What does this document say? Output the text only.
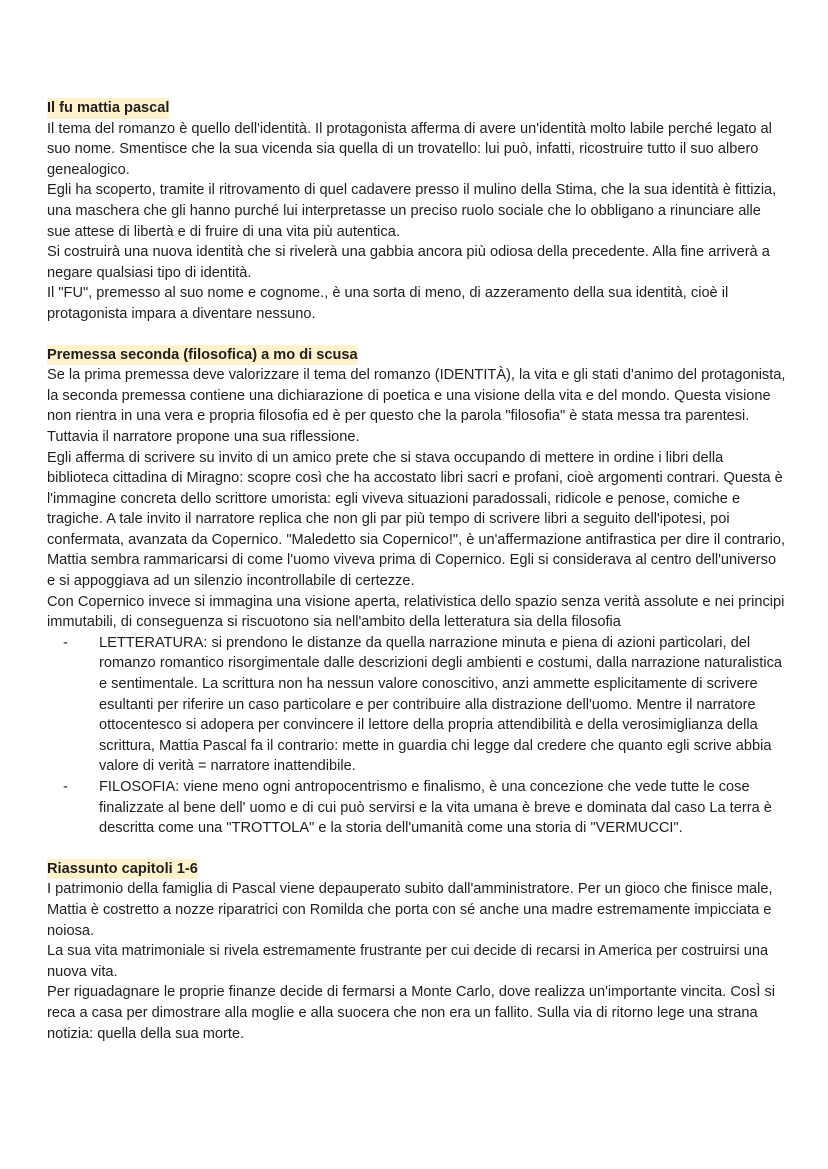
Il fu mattia pascal

Il tema del romanzo è quello dell'identità. Il protagonista afferma di avere un'identità molto labile perché legato al suo nome. Smentisce che la sua vicenda sia quella di un trovatello: lui può, infatti, ricostruire tutto il suo albero genealogico.

Egli ha scoperto, tramite il ritrovamento di quel cadavere presso il mulino della Stima, che la sua identità è fittizia, una maschera che gli hanno purché lui interpretasse un preciso ruolo sociale che lo obbligano a rinunciare alle sue attese di libertà e di fruire di una vita più autentica.

Si costruirà una nuova identità che si rivelerà una gabbia ancora più odiosa della precedente. Alla fine arriverà a negare qualsiasi tipo di identità.

Il "FU", premesso al suo nome e cognome., è una sorta di meno, di azzeramento della sua identità, cioè il protagonista impara a diventare nessuno.

Premessa seconda (filosofica) a mo di scusa

Se la prima premessa deve valorizzare il tema del romanzo (IDENTITÀ), la vita e gli stati d'animo del protagonista, la seconda premessa contiene una dichiarazione di poetica e una visione della vita e del mondo. Questa visione non rientra in una vera e propria filosofia ed è per questo che la parola "filosofia" è stata messa tra parentesi. Tuttavia il narratore propone una sua riflessione.

Egli afferma di scrivere su invito di un amico prete che si stava occupando di mettere in ordine i libri della biblioteca cittadina di Miragno: scopre così che ha accostato libri sacri e profani, cioè argomenti contrari. Questa è l'immagine concreta dello scrittore umorista: egli viveva situazioni paradossali, ridicole e penose, comiche e tragiche. A tale invito il narratore replica che non gli par più tempo di scrivere libri a seguito dell'ipotesi, poi confermata, avanzata da Copernico. "Maledetto sia Copernico!", è un'affermazione antifrastica per dire il contrario, Mattia sembra rammaricarsi di come l'uomo viveva prima di Copernico. Egli si considerava al centro dell'universo e si appoggiava ad un silenzio incontrollabile di certezze.

Con Copernico invece si immagina una visione aperta, relativistica dello spazio senza verità assolute e nei principi immutabili, di conseguenza si riscuotono sia nell'ambito della letteratura sia della filosofia

- LETTERATURA: si prendono le distanze da quella narrazione minuta e piena di azioni particolari, del romanzo romantico risorgimentale dalle descrizioni degli ambienti e costumi, dalla narrazione naturalistica e sentimentale. La scrittura non ha nessun valore conoscitivo, anzi ammette esplicitamente di scrivere esultanti per riferire un caso particolare e per contribuire alla distrazione dell'uomo. Mentre il narratore ottocentesco si adopera per convincere il lettore della propria attendibilità e della verosimiglianza della scrittura, Mattia Pascal fa il contrario: mette in guardia chi legge dal credere che quanto egli scrive abbia valore di verità = narratore inattendibile.
- FILOSOFIA: viene meno ogni antropocentrismo e finalismo, è una concezione che vede tutte le cose finalizzate al bene dell' uomo e di cui può servirsi e la vita umana è breve e dominata dal caso La terra è descritta come una "TROTTOLA" e la storia dell'umanità come una storia di "VERMUCCI".
Riassunto capitoli 1-6

I patrimonio della famiglia di Pascal viene depauperato subito dall'amministratore. Per un gioco che finisce male, Mattia è costretto a nozze riparatrici con Romilda che porta con sé anche una madre estremamente impicciata e noiosa.

La sua vita matrimoniale si rivela estremamente frustrante per cui decide di recarsi in America per costruirsi una nuova vita.

Per riguadagnare le proprie finanze decide di fermarsi a Monte Carlo, dove realizza un'importante vincita. CosÌ si reca a casa per dimostrare alla moglie e alla suocera che non era un fallito. Sulla via di ritorno lege una strana notizia: quella della sua morte.
